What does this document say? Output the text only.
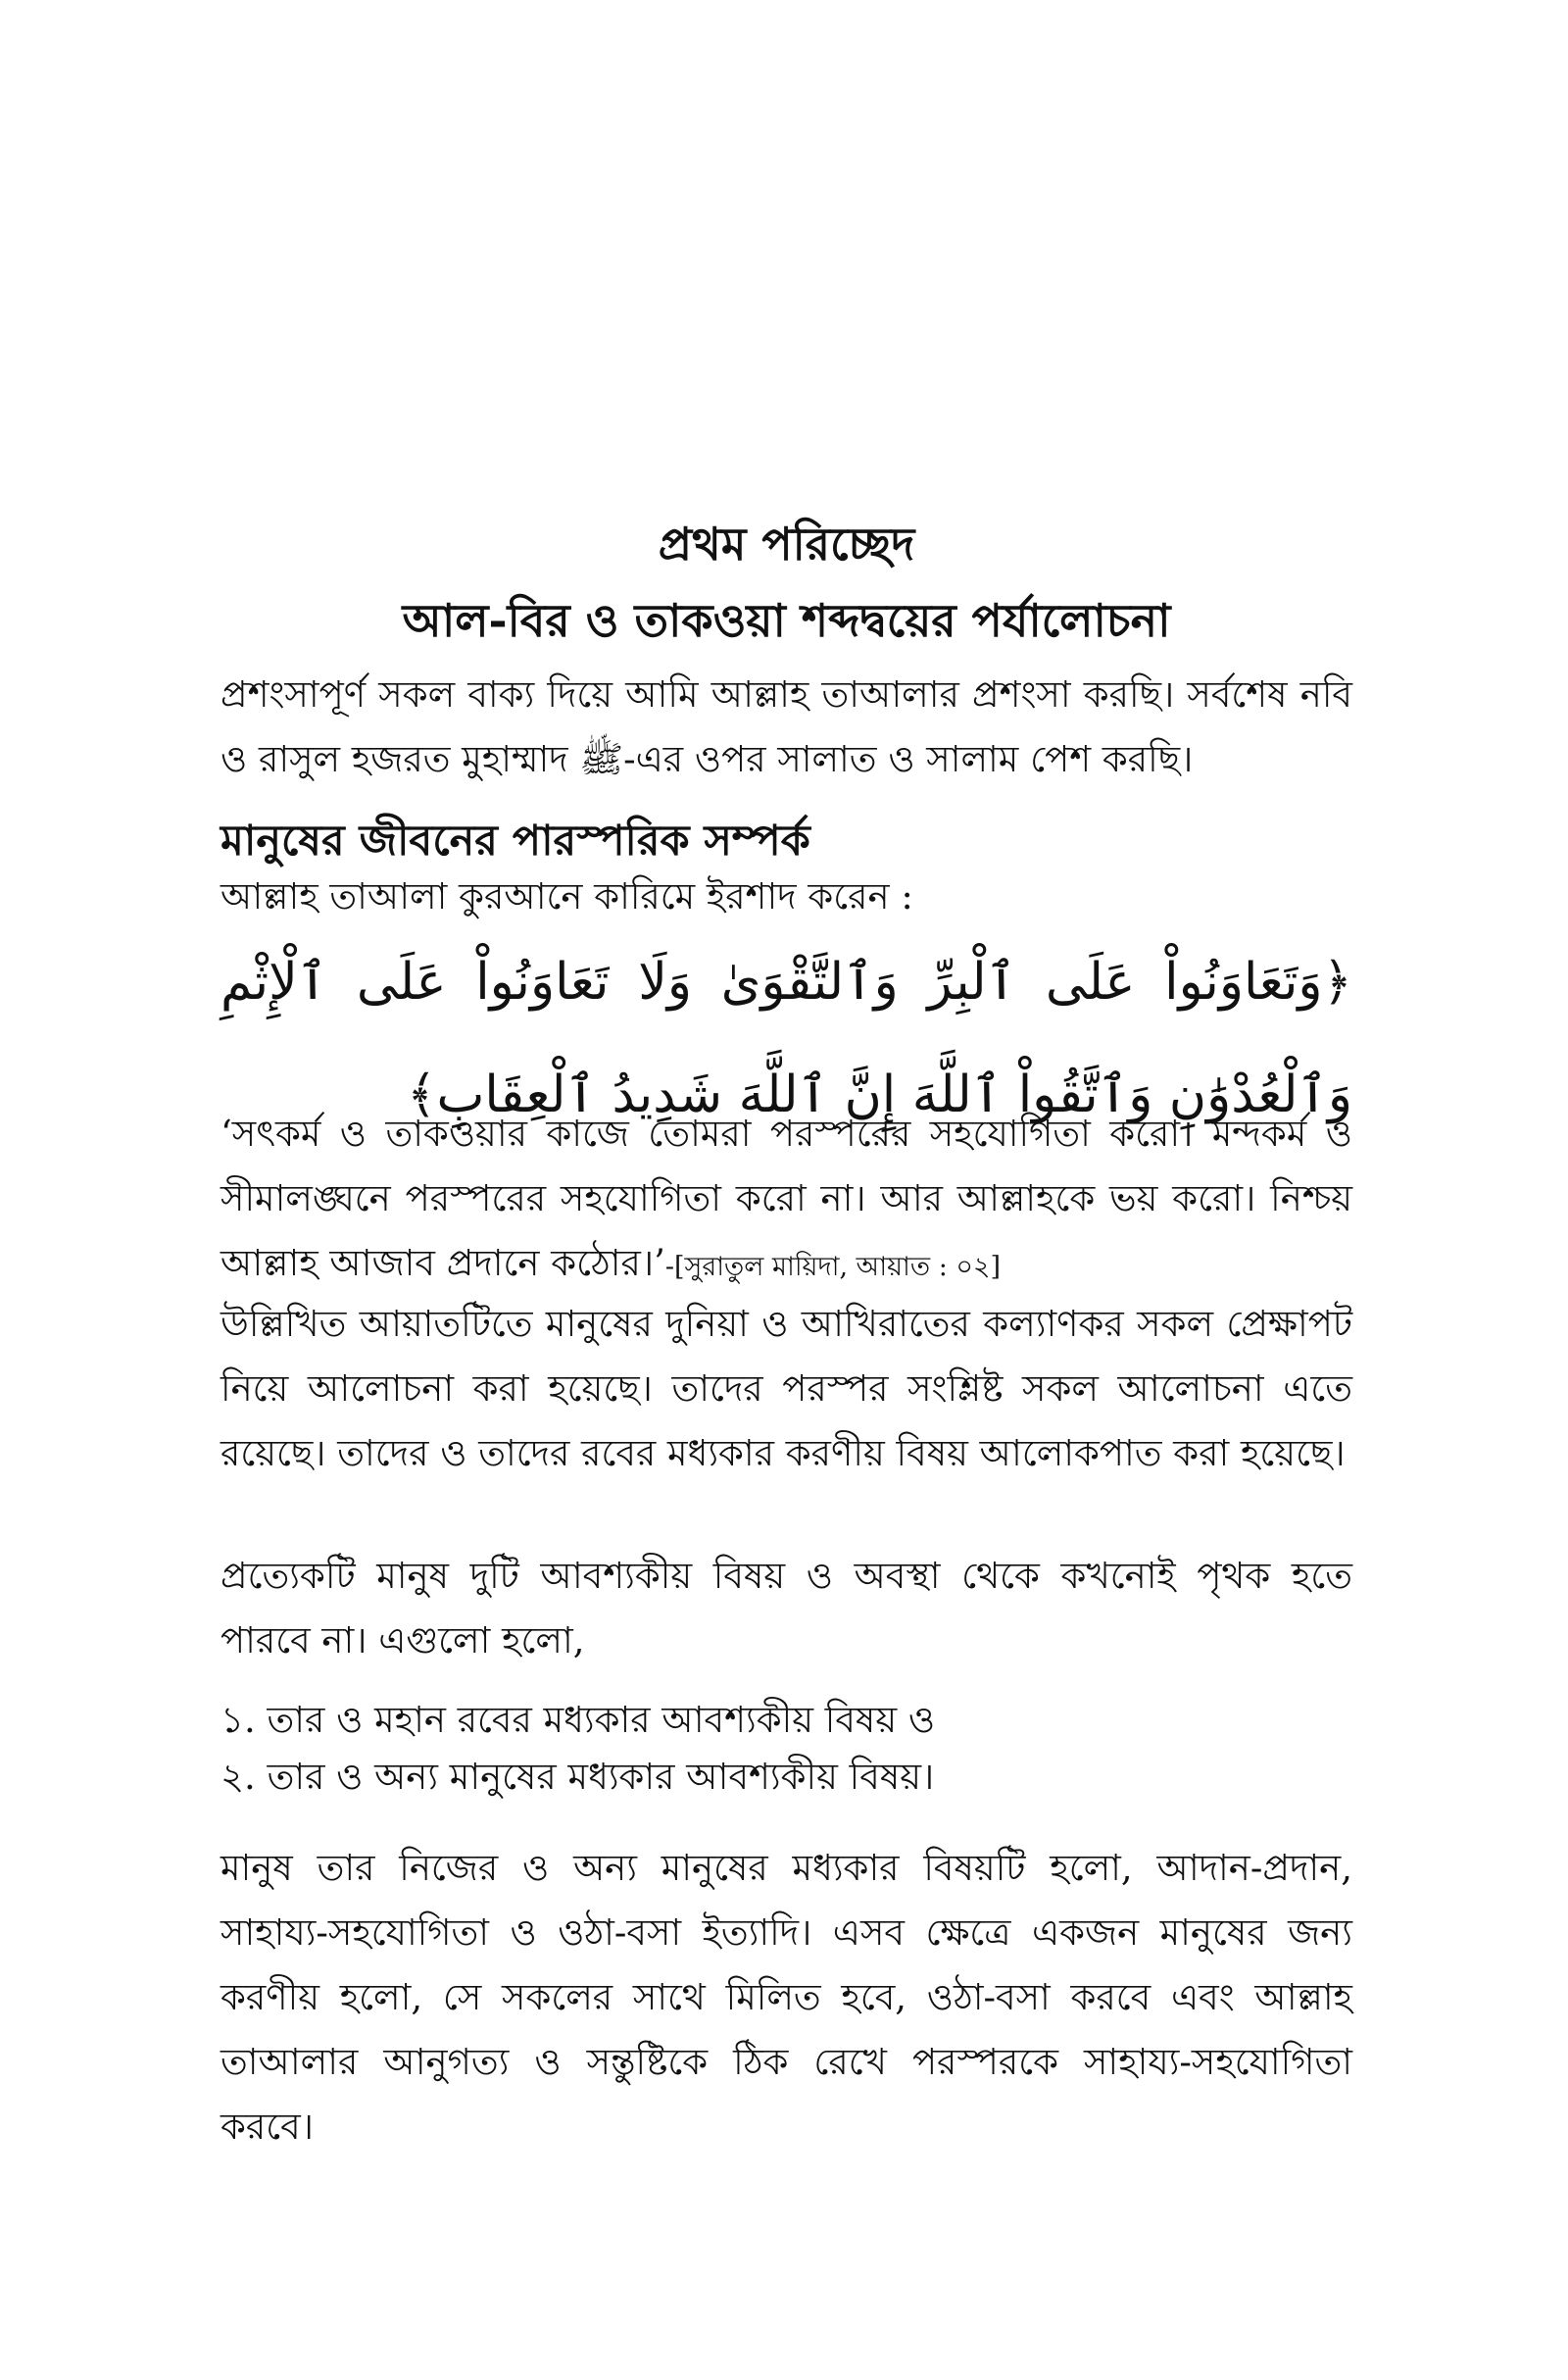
প্রথম পরিচ্ছেদ
আল-বির ও তাকওয়া শব্দদ্বয়ের পর্যালোচনা

প্রশংসাপূর্ণ সকল বাক্য দিয়ে আমি আল্লাহ তাআলার প্রশংসা করছি। সর্বশেষ নবি ও রাসুল হজরত মুহাম্মাদ ﷺ-এর ওপর সালাত ও সালাম পেশ করছি।

মানুষের জীবনের পারস্পরিক সম্পর্ক
আল্লাহ তাআলা কুরআনে কারিমে ইরশাদ করেন :
﴿وَتَعَاوَنُواْ عَلَى ٱلْبِرِّ وَٱلتَّقْوَىٰ وَلَا تَعَاوَنُواْ عَلَى ٱلْإِثْمِ وَٱلْعُدْوَٰنِ وَٱتَّقُواْ ٱللَّهَ إِنَّ ٱللَّهَ شَدِيدُ ٱلْعِقَابِ﴾

‘সৎকর্ম ও তাকওয়ার কাজে তোমরা পরস্পরের সহযোগিতা করো। মন্দকর্ম ও সীমালঙ্ঘনে পরস্পরের সহযোগিতা করো না। আর আল্লাহকে ভয় করো। নিশ্চয় আল্লাহ আজাব প্রদানে কঠোর।’-[সুরাতুল মায়িদা, আয়াত : ০২]

উল্লিখিত আয়াতটিতে মানুষের দুনিয়া ও আখিরাতের কল্যাণকর সকল প্রেক্ষাপট নিয়ে আলোচনা করা হয়েছে। তাদের পরস্পর সংশ্লিষ্ট সকল আলোচনা এতে রয়েছে। তাদের ও তাদের রবের মধ্যকার করণীয় বিষয় আলোকপাত করা হয়েছে।

প্রত্যেকটি মানুষ দুটি আবশ্যকীয় বিষয় ও অবস্থা থেকে কখনোই পৃথক হতে পারবে না। এগুলো হলো,

১. তার ও মহান রবের মধ্যকার আবশ্যকীয় বিষয় ও
২. তার ও অন্য মানুষের মধ্যকার আবশ্যকীয় বিষয়।

মানুষ তার নিজের ও অন্য মানুষের মধ্যকার বিষয়টি হলো, আদান-প্রদান, সাহায্য-সহযোগিতা ও ওঠা-বসা ইত্যাদি। এসব ক্ষেত্রে একজন মানুষের জন্য করণীয় হলো, সে সকলের সাথে মিলিত হবে, ওঠা-বসা করবে এবং আল্লাহ তাআলার আনুগত্য ও সন্তুষ্টিকে ঠিক রেখে পরস্পরকে সাহায্য-সহযোগিতা করবে।
